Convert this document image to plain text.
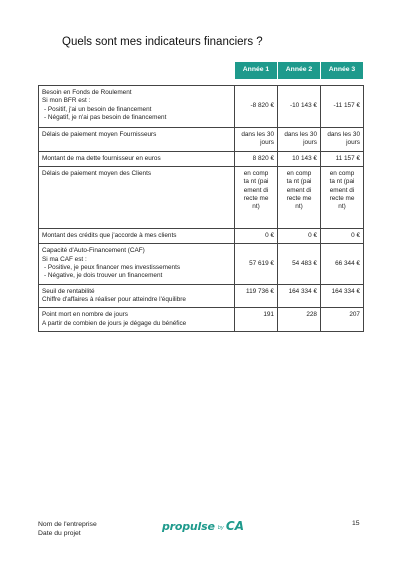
Quels sont mes indicateurs financiers ?
	Année 1	Année 2	Année 3

Besoin en Fonds de Roulement
Si mon BFR est :
- Positif, j'ai un besoin de financement
- Négatif, je n'ai pas besoin de financement	-8 820 €	-10 143 €	-11 157 €
Délais de paiement moyen Fournisseurs	dans les 30 jours	dans les 30 jours	dans les 30 jours
Montant de ma dette fournisseur en euros	8 820 €	10 143 €	11 157 €
Délais de paiement moyen des Clients	en compta nt (paiement directe ment)	en compta nt (paiement directe ment)	en compta nt (paiement directe ment)
Montant des crédits que j'accorde à mes clients	0 €	0 €	0 €

Capacité d'Auto-Financement (CAF)
Si ma CAF est :
- Positive, je peux financer mes investissements
- Négative, je dois trouver un financement	57 619 €	54 483 €	66 344 €

Seuil de rentabilité
Chiffre d'affaires à réaliser pour atteindre l'équilibre	119 736 €	164 334 €	164 334 €

Point mort en nombre de jours
A partir de combien de jours je dégage du bénéfice	191	228	207
Nom de l'entreprise
Date du projet
propulse by CA	15
